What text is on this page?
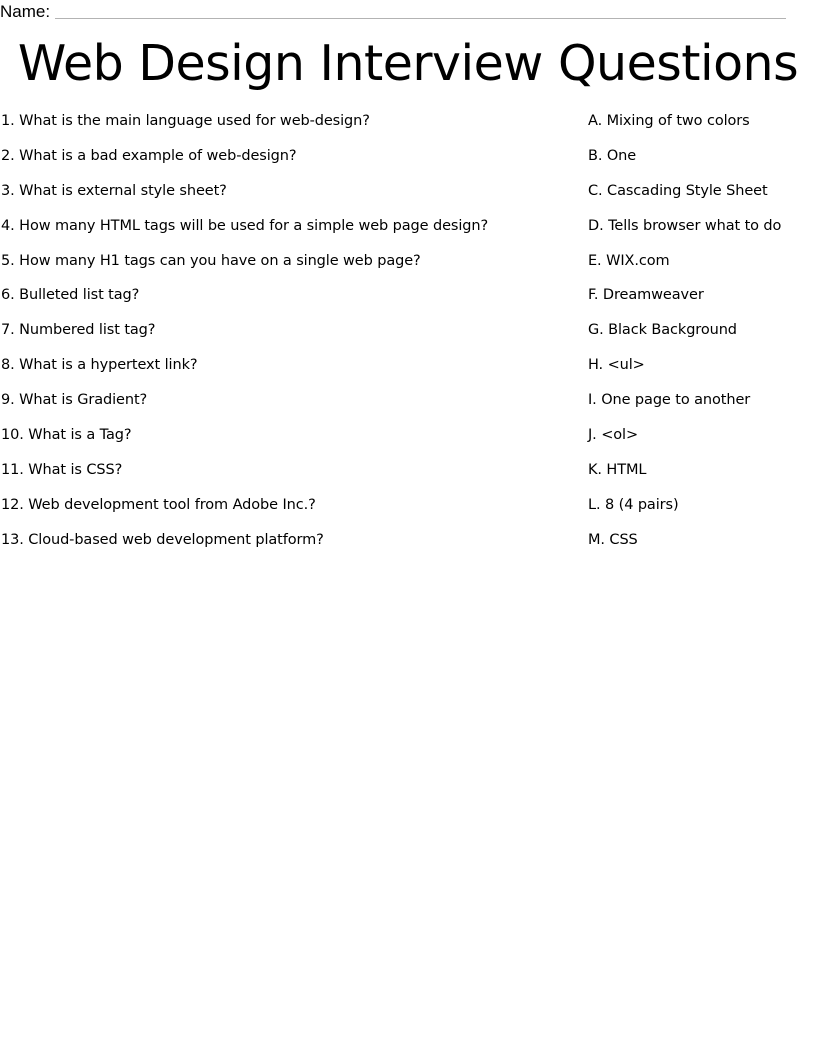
Name:
Web Design Interview Questions
1. What is the main language used for web-design?
2. What is a bad example of web-design?
3. What is external style sheet?
4. How many HTML tags will be used for a simple web page design?
5. How many H1 tags can you have on a single web page?
6. Bulleted list tag?
7. Numbered list tag?
8. What is a hypertext link?
9. What is Gradient?
10. What is a Tag?
11. What is CSS?
12. Web development tool from Adobe Inc.?
13. Cloud-based web development platform?
A. Mixing of two colors
B. One
C. Cascading Style Sheet
D. Tells browser what to do
E. WIX.com
F. Dreamweaver
G. Black Background
H. <ul>
I. One page to another
J. <ol>
K. HTML
L. 8 (4 pairs)
M. CSS
